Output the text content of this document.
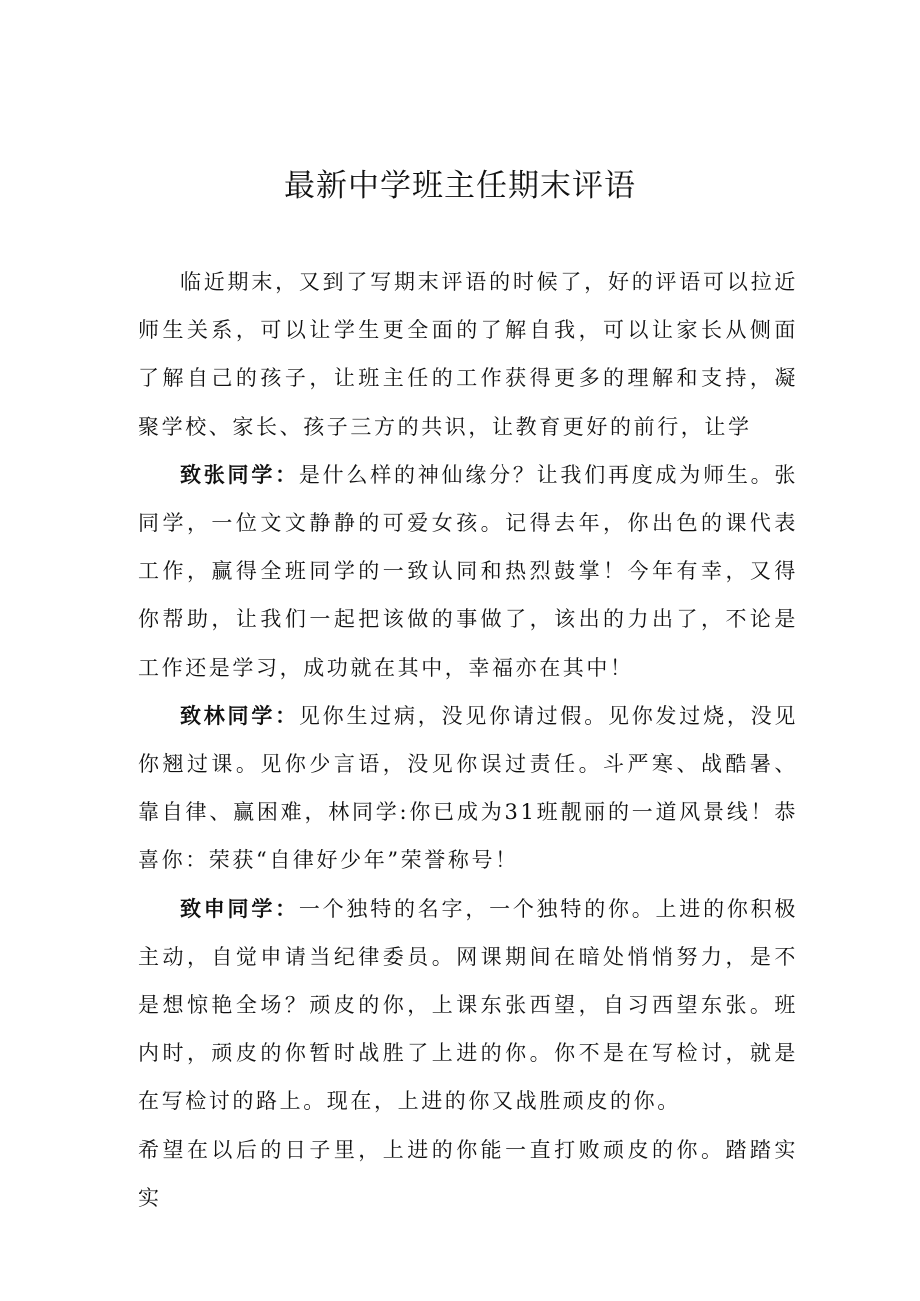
最新中学班主任期末评语

临近期末，又到了写期末评语的时候了，好的评语可以拉近师生关系，可以让学生更全面的了解自我，可以让家长从侧面了解自己的孩子，让班主任的工作获得更多的理解和支持，凝聚学校、家长、孩子三方的共识，让教育更好的前行，让学

致张同学：是什么样的神仙缘分？让我们再度成为师生。张同学，一位文文静静的可爱女孩。记得去年，你出色的课代表工作，赢得全班同学的一致认同和热烈鼓掌！今年有幸，又得你帮助，让我们一起把该做的事做了，该出的力出了，不论是工作还是学习，成功就在其中，幸福亦在其中！

致林同学：见你生过病，没见你请过假。见你发过烧，没见你翘过课。见你少言语，没见你误过责任。斗严寒、战酷暑、靠自律、赢困难，林同学:你已成为31班靓丽的一道风景线！恭喜你：荣获“自律好少年”荣誉称号！

致申同学：一个独特的名字，一个独特的你。上进的你积极主动，自觉申请当纪律委员。网课期间在暗处悄悄努力，是不是想惊艳全场？顽皮的你，上课东张西望，自习西望东张。班内时，顽皮的你暂时战胜了上进的你。你不是在写检讨，就是在写检讨的路上。现在，上进的你又战胜顽皮的你。

希望在以后的日子里，上进的你能一直打败顽皮的你。踏踏实实
